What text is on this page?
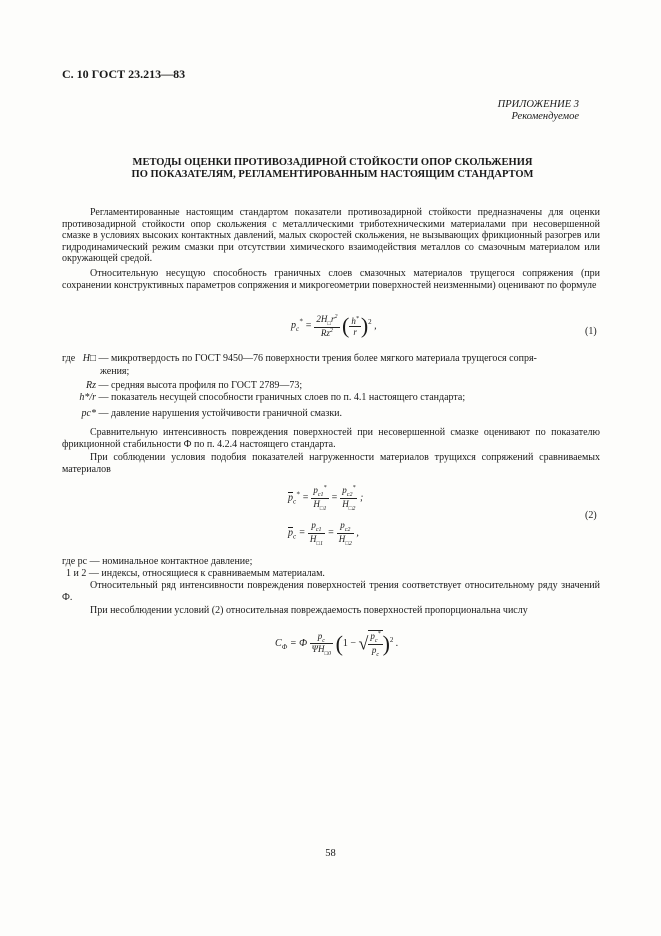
С. 10 ГОСТ 23.213—83
ПРИЛОЖЕНИЕ 3
Рекомендуемое
МЕТОДЫ ОЦЕНКИ ПРОТИВОЗАДИРНОЙ СТОЙКОСТИ ОПОР СКОЛЬЖЕНИЯ ПО ПОКАЗАТЕЛЯМ, РЕГЛАМЕНТИРОВАННЫМ НАСТОЯЩИМ СТАНДАРТОМ
Регламентированные настоящим стандартом показатели противозадирной стойкости предназначены для оценки противозадирной стойкости опор скольжения с металлическими триботехническими материалами при несовершенной смазке в условиях высоких контактных давлений, малых скоростей скольжения, не вызывающих фрикционный разогрев или гидродинамический режим смазки при отсутствии химического взаимодействия металлов со смазочным материалом или окружающей средой.
Относительную несущую способность граничных слоев смазочных материалов трущегося сопряжения (при сохранении конструктивных параметров сопряжения и микрогеометрии поверхностей неизменными) оценивают по формуле
$p_c^* = \frac{2H_□r^2}{Rz^2}$ ( $\frac{h^*}{r} )^2$ ,
(1)
где H□ — микротвердость по ГОСТ 9450—76 поверхности трения более мягкого материала трущегося сопря-
жения;
Rz — средняя высота профиля по ГОСТ 2789—73;
h*/r — показатель несущей способности граничных слоев по п. 4.1 настоящего стандарта;
pc* — давление нарушения устойчивости граничной смазки.
Сравнительную интенсивность повреждения поверхностей при несовершенной смазке оценивают по показателю фрикционной стабильности Ф по п. 4.2.4 настоящего стандарта.
При соблюдении условия подобия показателей нагруженности материалов трущихся сопряжений сравниваемых материалов
$\overline{p}_c^* = \frac{p_{c1}^*}{H_{□1}} = \frac{p_{c2}^*}{H_{□2}}$ ;
$\overline{p}_c = \frac{p_{c1}}{H_{□1}} = \frac{p_{c2}}{H_{□2}}$ ,
(2)
где pc — номинальное контактное давление;
1 и 2 — индексы, относящиеся к сравниваемым материалам.
Относительный ряд интенсивности повреждения поверхностей трения соответствует относительному ряду значений Ф.
При несоблюдении условий (2) относительная повреждаемость поверхностей пропорциональна числу
$C_Ф = Ф \frac{p_c}{\Psi H_{□0}} (1$ − √ $\frac{p_c^*}{p_c} )^2$ .
58
